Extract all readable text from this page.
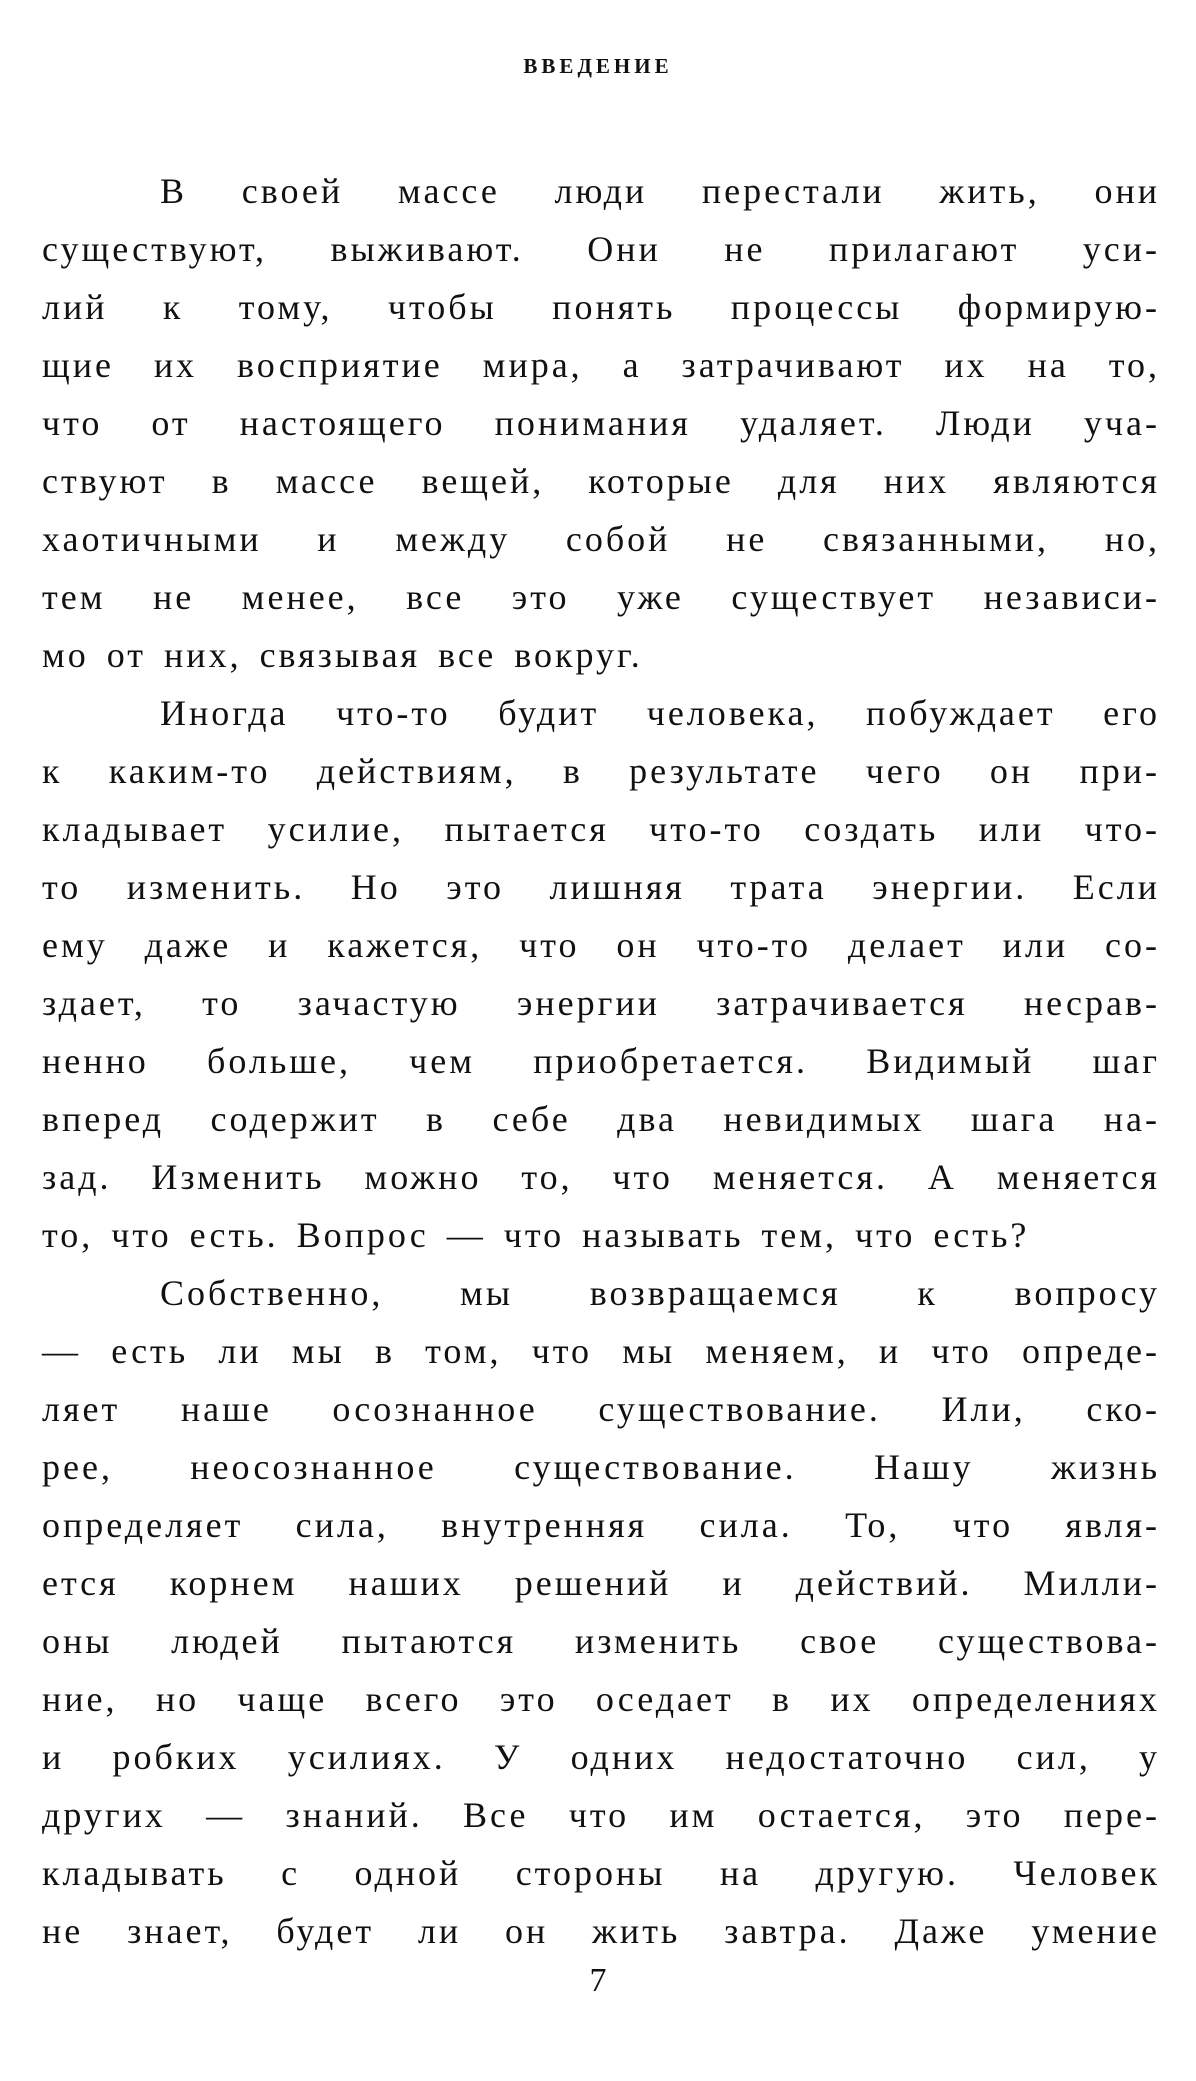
ВВЕДЕНИЕ
В своей массе люди перестали жить, они
существуют, выживают. Они не прилагают уси-
лий к тому, чтобы понять процессы формирую-
щие их восприятие мира, а затрачивают их на то,
что от настоящего понимания удаляет. Люди уча-
ствуют в массе вещей, которые для них являются
хаотичными и между собой не связанными, но,
тем не менее, все это уже существует независи-
мо от них, связывая все вокруг.
Иногда что-то будит человека, побуждает его
к каким-то действиям, в результате чего он при-
кладывает усилие, пытается что-то создать или что-
то изменить. Но это лишняя трата энергии. Если
ему даже и кажется, что он что-то делает или со-
здает, то зачастую энергии затрачивается несрав-
ненно больше, чем приобретается. Видимый шаг
вперед содержит в себе два невидимых шага на-
зад. Изменить можно то, что меняется. А меняется
то, что есть. Вопрос — что называть тем, что есть?
Собственно, мы возвращаемся к вопросу
— есть ли мы в том, что мы меняем, и что опреде-
ляет наше осознанное существование. Или, ско-
рее, неосознанное существование. Нашу жизнь
определяет сила, внутренняя сила. То, что явля-
ется корнем наших решений и действий. Милли-
оны людей пытаются изменить свое существова-
ние, но чаще всего это оседает в их определениях
и робких усилиях. У одних недостаточно сил, у
других — знаний. Все что им остается, это пере-
кладывать с одной стороны на другую. Человек
не знает, будет ли он жить завтра. Даже умение
7
